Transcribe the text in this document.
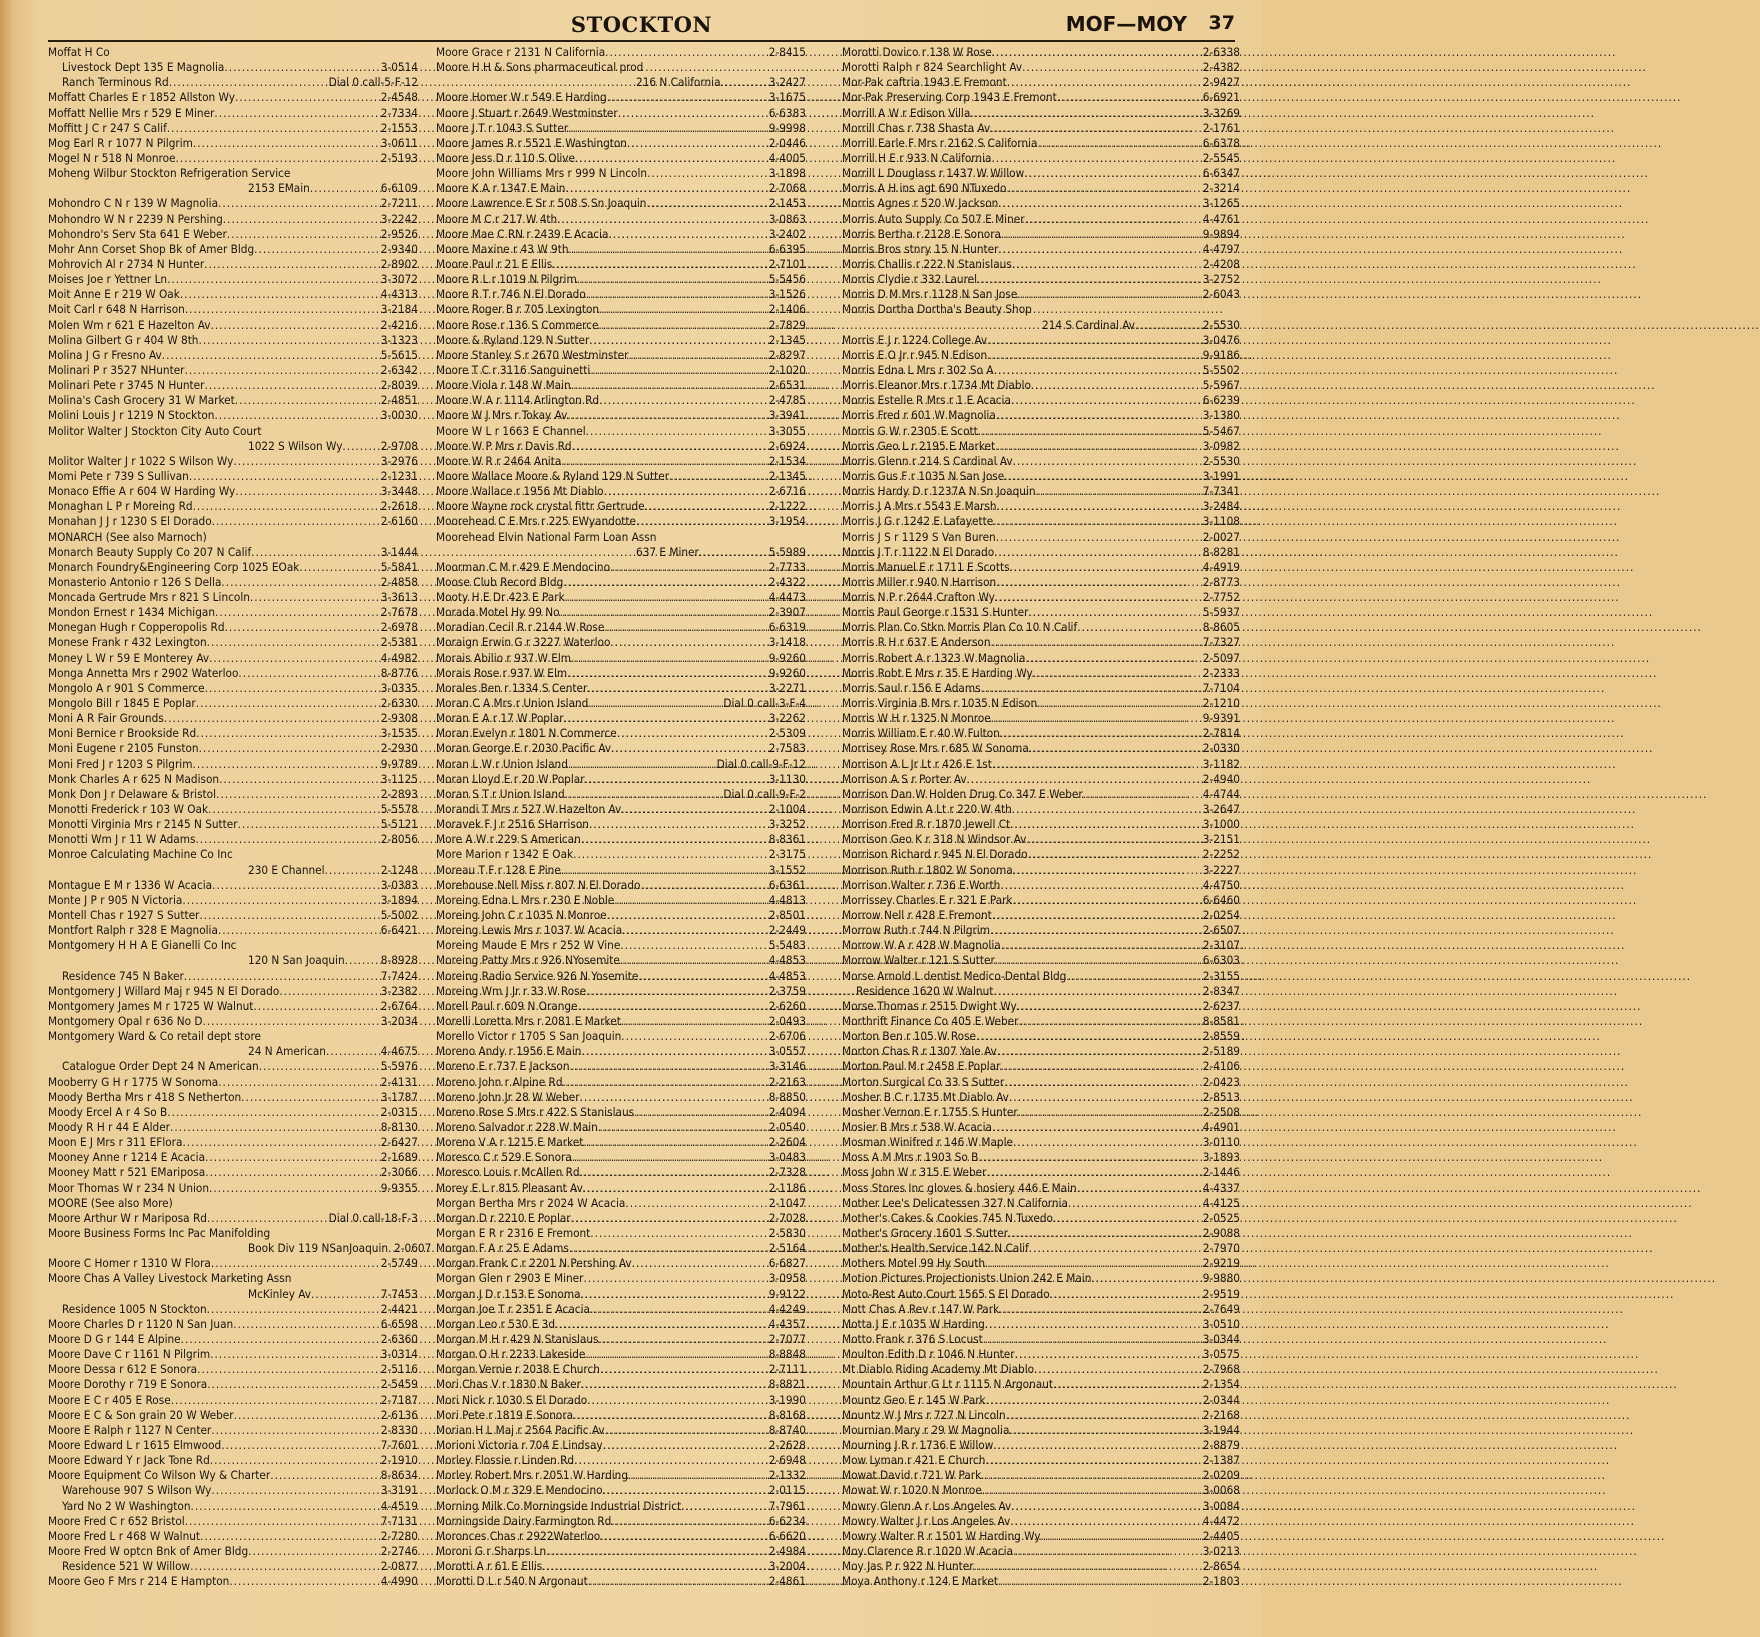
STOCKTON	MOF—MOY 37
Moffat H Co
Livestock Dept 135 E Magnolia .....	3-0514
Ranch Terminous Rd .....	Dial 0 call-5-F-12
Moffatt Charles E r 1852 Allston Wy .....	2-4548
Moffatt Nellie Mrs r 529 E Miner .....	2-7334
Moffitt J C r 247 S Calif .....	2-1553
Mog Earl R r 1077 N Pilgrim .....	3-0611
Mogel N r 518 N Monroe .....	2-5193
Moheng Wilbur Stockton Refrigeration Service
2153 EMain .....	6-6109
Mohondro C N r 139 W Magnolia .....	2-7211
Mohondro W N r 2239 N Pershing .....	3-2242
Mohondro's Serv Sta 641 E Weber .....	2-9526
Mohr Ann Corset Shop Bk of Amer Bldg .....	2-9340
Mohrovich Al r 2734 N Hunter .....	2-8902
Moises Joe r Yettner Ln .....	3-3072
Moit Anne E r 219 W Oak .....	4-4313
Moit Carl r 648 N Harrison .....	3-2184
Molen Wm r 621 E Hazelton Av .....	2-4216
Molina Gilbert G r 404 W 8th .....	3-1323
Molina J G r Fresno Av .....	5-5615
Molinari P r 3527 NHunter .....	2-6342
Molinari Pete r 3745 N Hunter .....	2-8039
Molina's Cash Grocery 31 W Market .....	2-4851
Molini Louis J r 1219 N Stockton .....	3-0030
Molitor Walter J Stockton City Auto Court
1022 S Wilson Wy .....	2-9708
Molitor Walter J r 1022 S Wilson Wy .....	3-2976
Momi Pete r 739 S Sullivan .....	2-1231
Monaco Effie A r 604 W Harding Wy .....	3-3448
Monaghan L P r Moreing Rd .....	2-2618
Monahan J J r 1230 S El Dorado .....	2-6160
MONARCH (See also Marnoch)
Monarch Beauty Supply Co 207 N Calif .....	3-1444
Monarch Foundry&Engineering Corp 1025 EOak .....	5-5841
Monasterio Antonio r 126 S Della .....	2-4858
Moncada Gertrude Mrs r 821 S Lincoln .....	3-3613
Mondon Ernest r 1434 Michigan .....	2-7678
Monegan Hugh r Copperopolis Rd .....	2-6978
Monese Frank r 432 Lexington .....	2-5381
Money L W r 59 E Monterey Av .....	4-4982
Monga Annetta Mrs r 2902 Waterloo .....	8-8776
Mongolo A r 901 S Commerce .....	3-0335
Mongolo Bill r 1845 E Poplar .....	2-6330
Moni A R Fair Grounds .....	2-9308
Moni Bernice r Brookside Rd .....	3-1535
Moni Eugene r 2105 Funston .....	2-2930
Moni Fred J r 1203 S Pilgrim .....	9-9789
Monk Charles A r 625 N Madison .....	3-1125
Monk Don J r Delaware & Bristol .....	2-2893
Monotti Frederick r 103 W Oak .....	5-5578
Monotti Virginia Mrs r 2145 N Sutter .....	5-5121
Monotti Wm J r 11 W Adams .....	2-8056
Monroe Calculating Machine Co Inc
230 E Channel .....	2-1248
Montague E M r 1336 W Acacia .....	3-0383
Monte J P r 905 N Victoria .....	3-1894
Montell Chas r 1927 S Sutter .....	5-5002
Montfort Ralph r 328 E Magnolia .....	6-6421
Montgomery H H A E Gianelli Co Inc
120 N San Joaquin .....	8-8928
Residence 745 N Baker .....	7-7424
Montgomery J Willard Maj r 945 N El Dorado .....	3-2382
Montgomery James M r 1725 W Walnut .....	2-6764
Montgomery Opal r 636 No D .....	3-2034
Montgomery Ward & Co retail dept store
24 N American .....	4-4675
Catalogue Order Dept 24 N American .....	5-5976
Mooberry G H r 1775 W Sonoma .....	2-4131
Moody Bertha Mrs r 418 S Netherton .....	3-1787
Moody Ercel A r 4 So B .....	2-0315
Moody R H r 44 E Alder .....	8-8130
Moon E J Mrs r 311 EFlora .....	2-6427
Mooney Anne r 1214 E Acacia .....	2-1689
Mooney Matt r 521 EMariposa .....	2-3066
Moor Thomas W r 234 N Union .....	9-9355
MOORE (See also More)
Moore Arthur W r Mariposa Rd .....	Dial 0 call-18-F-3
Moore Business Forms Inc Pac Manifolding
Book Div 119 NSanJoaquin ..... 2-0607
Moore C Homer r 1310 W Flora .....	2-5749
Moore Chas A Valley Livestock Marketing Assn
McKinley Av .....	7-7453
Residence 1005 N Stockton .....	2-4421
Moore Charles D r 1120 N San Juan .....	6-6598
Moore D G r 144 E Alpine .....	2-6360
Moore Dave C r 1161 N Pilgrim .....	3-0314
Moore Dessa r 612 E Sonora .....	2-5116
Moore Dorothy r 719 E Sonora .....	2-5459
Moore E C r 405 E Rose .....	2-7187
Moore E C & Son grain 20 W Weber .....	2-6136
Moore E Ralph r 1127 N Center .....	2-8330
Moore Edward L r 1615 Elmwood .....	7-7601
Moore Edward Y r Jack Tone Rd .....	2-1910
Moore Equipment Co Wilson Wy & Charter .....	8-8634
Warehouse 907 S Wilson Wy .....	3-3191
Yard No 2 W Washington .....	4-4519
Moore Fred C r 652 Bristol .....	7-7131
Moore Fred L r 468 W Walnut .....	2-7280
Moore Fred W optcn Bnk of Amer Bldg .....	2-2746
Residence 521 W Willow .....	2-0877
Moore Geo F Mrs r 214 E Hampton .....	4-4990
Moore Grace r 2131 N California .....	2-8415
Moore H H & Sons pharmaceutical prod
216 N California .....	3-2427
Moore Homer W r 549 E Harding .....	3-1675
Moore J Stuart r 2649 Westminster .....	6-6383
Moore J T r 1043 S Sutter .....	9-9998
Moore James R r 5521 E Washington .....	2-0446
Moore Jess D r 110 S Olive .....	4-4005
Moore John Williams Mrs r 999 N Lincoln .....	3-1898
Moore K A r 1347 E Main .....	2-7068
Moore Lawrence E Sr r 508 S Sn Joaquin .....	2-1453
Moore M C r 217 W 4th .....	3-0863
Moore Mae C RN r 2439 E Acacia .....	3-2402
Moore Maxine r 43 W 9th .....	6-6395
Moore Paul r 21 E Ellis .....	2-7101
Moore R L r 1019 N Pilgrim .....	5-5456
Moore R T r 746 N El Dorado .....	3-1526
Moore Roger B r 705 Lexington .....	2-1406
Moore Rose r 136 S Commerce .....	2-7829
Moore & Ryland 129 N Sutter .....	2-1345
Moore Stanley S r 2670 Westminster .....	2-8297
Moore T C r 3116 Sanguinetti .....	2-1020
Moore Viola r 148 W Main .....	2-6531
Moore W A r 1114 Arlington Rd .....	2-4785
Moore W J Mrs r Tokay Av .....	3-3941
Moore W L r 1663 E Channel .....	3-3055
Moore W P Mrs r Davis Rd .....	2-6924
Moore W R r 2464 Anita .....	2-1534
Moore Wallace Moore & Ryland 129 N Sutter .....	2-1345
Moore Wallace r 1956 Mt Diablo .....	2-6716
Moore Wayne rock crystal fittr Gertrude .....	2-1222
Moorehead C E Mrs r 225 EWyandotte .....	3-1954
Moorehead Elvin National Farm Loan Assn
637 E Miner .....	5-5989
Moorman C M r 429 E Mendocino .....	2-7733
Moose Club Record Bldg .....	2-4322
Mooty H E Dr 423 E Park .....	4-4473
Morada Motel Hy 99 No .....	2-3907
Moradian Cecil R r 2144 W Rose .....	6-6319
Moraign Erwin G r 3227 Waterloo .....	3-1418
Morais Abilio r 937 W Elm .....	9-9260
Morais Rose r 937 W Elm .....	9-9260
Morales Ben r 1334 S Center .....	3-2271
Moran C A Mrs r Union Island .....	Dial 0 call-3-F-4
Moran E A r 17 W Poplar .....	3-2262
Moran Evelyn r 1801 N Commerce .....	2-5309
Moran George E r 2030 Pacific Av .....	2-7583
Moran L W r Union Island .....	Dial 0 call-9-F-12
Moran Lloyd E r 20 W Poplar .....	3-1130
Moran S T r Union Island .....	Dial 0 call-9-F-2
Morandi T Mrs r 527 W Hazelton Av .....	2-1004
Moravek F J r 2516 SHarrison .....	3-3252
More A W r 229 S American .....	8-8361
More Marion r 1342 E Oak .....	2-3175
Moreau T F r 128 E Pine .....	3-1552
Morehouse Nell Miss r 807 N El Dorado .....	6-6361
Moreing Edna L Mrs r 230 E Noble .....	4-4813
Moreing John C r 1035 N Monroe .....	2-8501
Moreing Lewis Mrs r 1037 W Acacia .....	2-2449
Moreing Maude E Mrs r 252 W Vine .....	5-5483
Moreing Patty Mrs r 926 NYosemite .....	4-4853
Moreing Radio Service 926 N Yosemite .....	4-4853
Moreing Wm J Jr r 33 W Rose .....	2-3759
Morell Paul r 609 N Orange .....	2-6260
Morelli Loretta Mrs r 2081 E Market .....	2-0493
Morello Victor r 1705 S San Joaquin .....	2-6706
Moreno Andy r 1956 E Main .....	3-0557
Moreno E r 737 E Jackson .....	3-3146
Moreno John r Alpine Rd .....	2-2163
Moreno John Jr 28 W Weber .....	8-8850
Moreno Rose S Mrs r 422 S Stanislaus .....	2-4094
Moreno Salvador r 228 W Main .....	2-0540
Moreno V A r 1215 E Market .....	2-2604
Moresco C r 529 E Sonora .....	3-0483
Moresco Louis r McAllen Rd .....	2-7328
Morey E L r 815 Pleasant Av .....	2-1186
Morgan Bertha Mrs r 2024 W Acacia .....	2-1047
Morgan D r 2210 E Poplar .....	2-7028
Morgan E R r 2316 E Fremont .....	2-5830
Morgan F A r 25 E Adams .....	2-5164
Morgan Frank C r 2201 N Pershing Av .....	6-6827
Morgan Glen r 2903 E Miner .....	3-0958
Morgan J D r 153 E Sonoma .....	9-9122
Morgan Joe T r 2351 E Acacia .....	4-4249
Morgan Leo r 530 E 3d .....	4-4357
Morgan M H r 429 N Stanislaus .....	2-7077
Morgan O H r 2233 Lakeside .....	8-8848
Morgan Vernie r 2038 E Church .....	2-7111
Mori Chas V r 1830 N Baker .....	8-8821
Mori Nick r 1030 S El Dorado .....	3-1990
Mori Pete r 1819 E Sonora .....	8-8168
Morian H L Maj r 2564 Pacific Av .....	8-8740
Morioni Victoria r 704 E Lindsay .....	2-2628
Morley Flossie r Linden Rd .....	2-6948
Morley Robert Mrs r 2051 W Harding .....	2-1332
Morlock O M r 329 E Mendocino .....	2-0115
Morning Milk Co Morningside Industrial District .....	7-7961
Morningside Dairy Farmington Rd .....	6-6234
Moronces Chas r 2922Waterloo .....	6-6620
Moroni G r Sharps Ln .....	2-4984
Morotti A r 61 E Ellis .....	3-2004
Morotti D L r 540 N Argonaut .....	2-4861
Morotti Dovico r 138 W Rose .....	2-6338
Morotti Ralph r 824 Searchlight Av .....	2-4382
Mor-Pak caftria 1943 E Fremont .....	2-9427
Mor-Pak Preserving Corp 1943 E Fremont .....	6-6921
Morrill A W r Edison Villa .....	3-3269
Morrill Chas r 738 Shasta Av .....	2-1761
Morrill Earle F Mrs r 2162 S California .....	6-6378
Morrill H E r 933 N California .....	2-5545
Morrill L Douglass r 1437 W Willow .....	6-6347
Morris A H ins agt 690 NTuxedo .....	2-3214
Morris Agnes r 520 W Jackson .....	3-1265
Morris Auto Supply Co 507 E Miner .....	4-4761
Morris Bertha r 2128 E Sonora .....	9-9894
Morris Bros stnry 15 N Hunter .....	4-4797
Morris Challis r 222 N Stanislaus .....	2-4208
Morris Clydie r 332 Laurel .....	3-2752
Morris D M Mrs r 1128 N San Jose .....	2-6043
Morris Dortha Dortha's Beauty Shop
214 S Cardinal Av .....	2-5530
Morris E J r 1224 College Av .....	3-0476
Morris E O Jr r 945 N Edison .....	9-9186
Morris Edna L Mrs r 302 So A .....	5-5502
Morris Eleanor Mrs r 1734 Mt Diablo .....	5-5967
Morris Estelle R Mrs r 1 E Acacia .....	6-6239
Morris Fred r 601 W Magnolia .....	3-1380
Morris G W r 2305 E Scott .....	5-5467
Morris Geo L r 2195 E Market .....	3-0982
Morris Glenn r 214 S Cardinal Av .....	2-5530
Morris Gus F r 1035 N San Jose .....	3-1991
Morris Hardy D r 1237A N Sn Joaquin .....	7-7341
Morris J A Mrs r 5543 E Marsh .....	3-2484
Morris J G r 1242 E Lafayette .....	3-1108
Morris J S r 1129 S Van Buren .....	2-0027
Morris J T r 1122 N El Dorado .....	8-8281
Morris Manuel E r 1711 E Scotts .....	4-4919
Morris Miller r 940 N Harrison .....	2-8773
Morris N P r 2644 Crafton Wy .....	2-7752
Morris Paul George r 1531 S Hunter .....	5-5937
Morris Plan Co Stkn Morris Plan Co 10 N Calif .....	8-8605
Morris R H r 637 E Anderson .....	7-7327
Morris Robert A r 1323 W Magnolia .....	2-5097
Morris Robt E Mrs r 35 E Harding Wy .....	2-2333
Morris Saul r 156 E Adams .....	7-7104
Morris Virginia B Mrs r 1035 N Edison .....	2-1210
Morris W H r 1325 N Monroe .....	9-9391
Morris William E r 40 W Fulton .....	2-7814
Morrisey Rose Mrs r 685 W Sonoma .....	2-0330
Morrison A L Jr Lt r 426 E 1st .....	3-1182
Morrison A S r Porter Av .....	2-4940
Morrison Dan W Holden Drug Co 347 E Weber .....	4-4744
Morrison Edwin A Lt r 220 W 4th .....	3-2647
Morrison Fred R r 1870 Jewell Ct .....	3-1000
Morrison Geo K r 318 N Windsor Av .....	3-2151
Morrison Richard r 945 N El Dorado .....	2-2252
Morrison Ruth r 1802 W Sonoma .....	3-2227
Morrison Walter r 736 E Worth .....	4-4750
Morrissey Charles E r 321 E Park .....	6-6460
Morrow Nell r 428 E Fremont .....	2-0254
Morrow Ruth r 744 N Pilgrim .....	2-6507
Morrow W A r 428 W Magnolia .....	2-3107
Morrow Walter r 121 S Sutter .....	6-6303
Morse Arnold L dentist Medico-Dental Bldg .....	2-3155
Residence 1620 W Walnut .....	2-8347
Morse Thomas r 2515 Dwight Wy .....	2-6237
Morthrift Finance Co 405 E Weber .....	8-8581
Morton Ben r 105 W Rose .....	2-8559
Morton Chas R r 1307 Yale Av .....	2-5189
Morton Paul M r 2458 E Poplar .....	2-4106
Morton Surgical Co 33 S Sutter .....	2-0423
Mosher B C r 1735 Mt Diablo Av .....	2-8513
Mosher Vernon E r 1755 S Hunter .....	2-2508
Mosier B Mrs r 538 W Acacia .....	4-4901
Mosman Winifred r 146 W Maple .....	3-0110
Moss A M Mrs r 1903 So B .....	3-1893
Moss John W r 315 E Weber .....	2-1446
Moss Stores Inc gloves & hosiery 446 E Main .....	4-4337
Mother Lee's Delicatessen 327 N California .....	4-4125
Mother's Cakes & Cookies 745 N Tuxedo .....	2-0525
Mother's Grocery 1601 S Sutter .....	2-9088
Mother's Health Service 142 N Calif .....	2-7970
Mothers Motel 99 Hy South .....	2-9219
Motion Pictures Projectionists Union 242 E Main .....	9-9880
Moto-Rest Auto Court 1565 S El Dorado .....	2-9519
Mott Chas A Rev r 147 W Park .....	2-7649
Motta J E r 1035 W Harding .....	3-0510
Motto Frank r 376 S Locust .....	3-0344
Moulton Edith D r 1046 N Hunter .....	3-0575
Mt Diablo Riding Academy Mt Diablo .....	2-7968
Mountain Arthur G Lt r 1115 N Argonaut .....	2-1354
Mountz Geo E r 145 W Park .....	2-0344
Mountz W J Mrs r 727 N Lincoln .....	2-2168
Mournian Mary r 29 W Magnolia .....	3-1944
Mourning J R r 1736 E Willow .....	2-8879
Mow Lyman r 421 E Church .....	2-1387
Mowat David r 721 W Park .....	2-0209
Mowat W r 1020 N Monroe .....	3-0068
Mowry Glenn A r Los Angeles Av .....	3-0084
Mowry Walter J r Los Angeles Av .....	4-4472
Mowry Walter R r 1501 W Harding Wy .....	2-4405
Moy Clarence R r 1020 W Acacia .....	3-0213
Moy Jas P r 922 N Hunter .....	2-8654
Moya Anthony r 124 E Market .....	2-1803
